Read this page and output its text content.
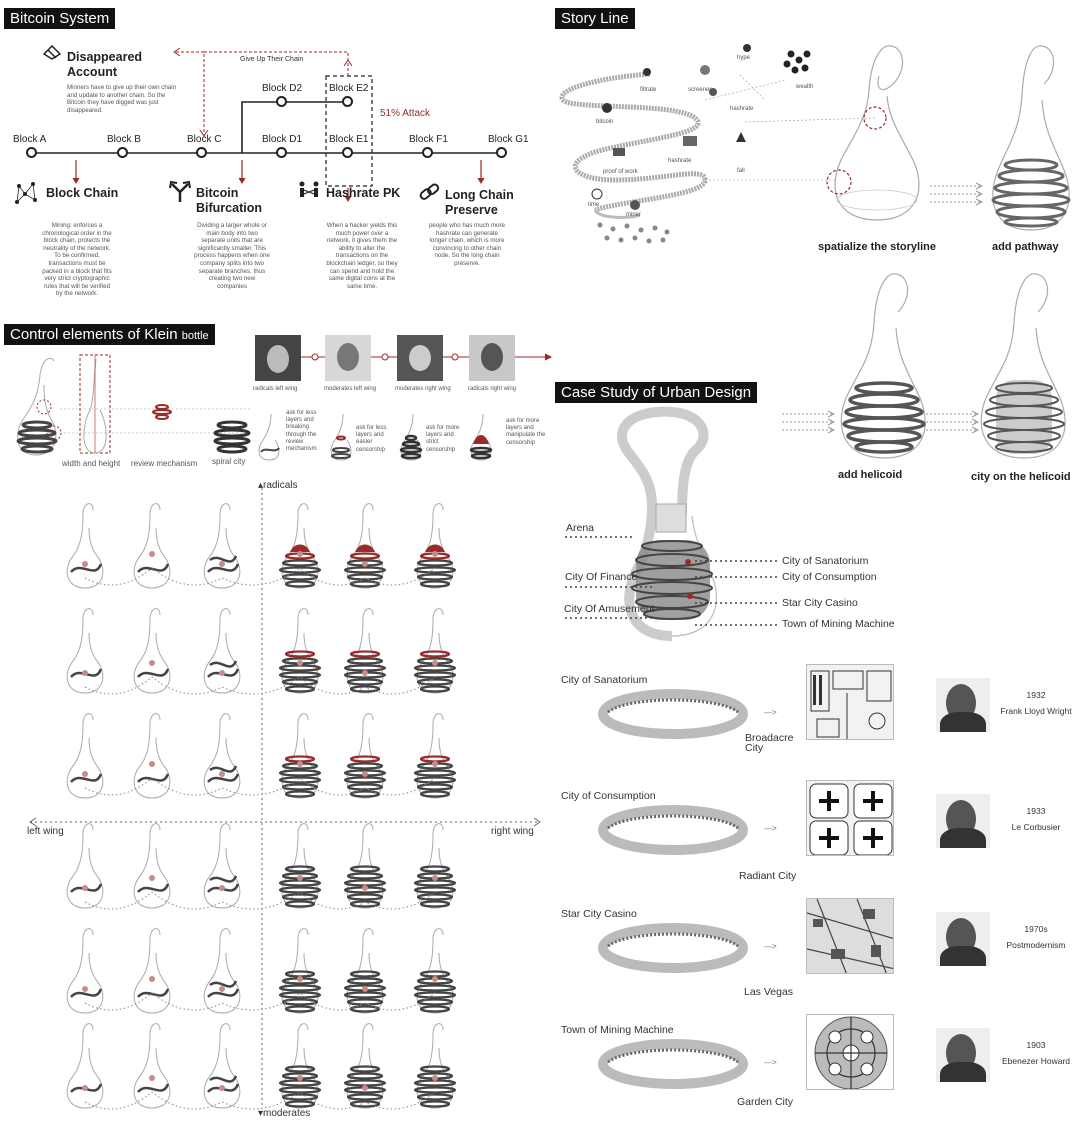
Bitcoin System	Story Line
Control elements of Klein bottle
Case Study of Urban Design
Block A	Block B	Block C	Block D1	Block E1	Block F1	Block G1
Block D2	Block E2
Give Up Their Chain
51% Attack
Disappeared
Account
Minners have to give up their own chain and update to another chain. So the Bitcoin they have digged was just disappeared.
Block Chain
Mining: enforces a chronological order in the block chain, protects the neutrality of the network. To be confirmed, transactions must be packed in a block that fits very strict cryptographic rules that will be verified by the network.
Bitcoin
Bifurcation
Dividing a larger whole or main body into two separate units that are significantly smaller. This process happens when one company splits into two separate branches, thus creating two new companies
Hashrate PK
When a hacker yields this much power over a network, it gives them the ability to alter the transactions on the blockchain ledger, so they can spend and hold the same digital coins at the same time.
Long Chain
Preserve
people who has much more hashrate can generate longer chain, which is more convincing to other chain node. So the long chain preserve.
filtrate	screener
hype
hashrate
wealth
bitcoin
hashrate
proof of work	fall
time
miner
spatialize the storyline	add pathway
add helicoid	city on the helicoid
radicals left wing	moderates left wing	moderates right wing	radicals right wing
width and height review mechanism spiral city
ask for less layers and breaking through the review mechanism
ask for less layers and easier censorship
ask for more layers and strict censorship
ask for more layers and manipulate the censorship
▴radicals
▾moderates
left wing	right wing
Arena
City Of Finance
City Of Amusement
City of Sanatorium
City of Consumption
Star City Casino
Town of Mining Machine
City of Sanatorium
--->
Broadacre
City
1932
Frank Lloyd Wright
City of Consumption
--->
Radiant City
1933
Le Corbusier
Star City Casino
--->
Las Vegas
1970s
Postmodernism
Town of Mining Machine
--->
Garden City
1903
Ebenezer Howard
